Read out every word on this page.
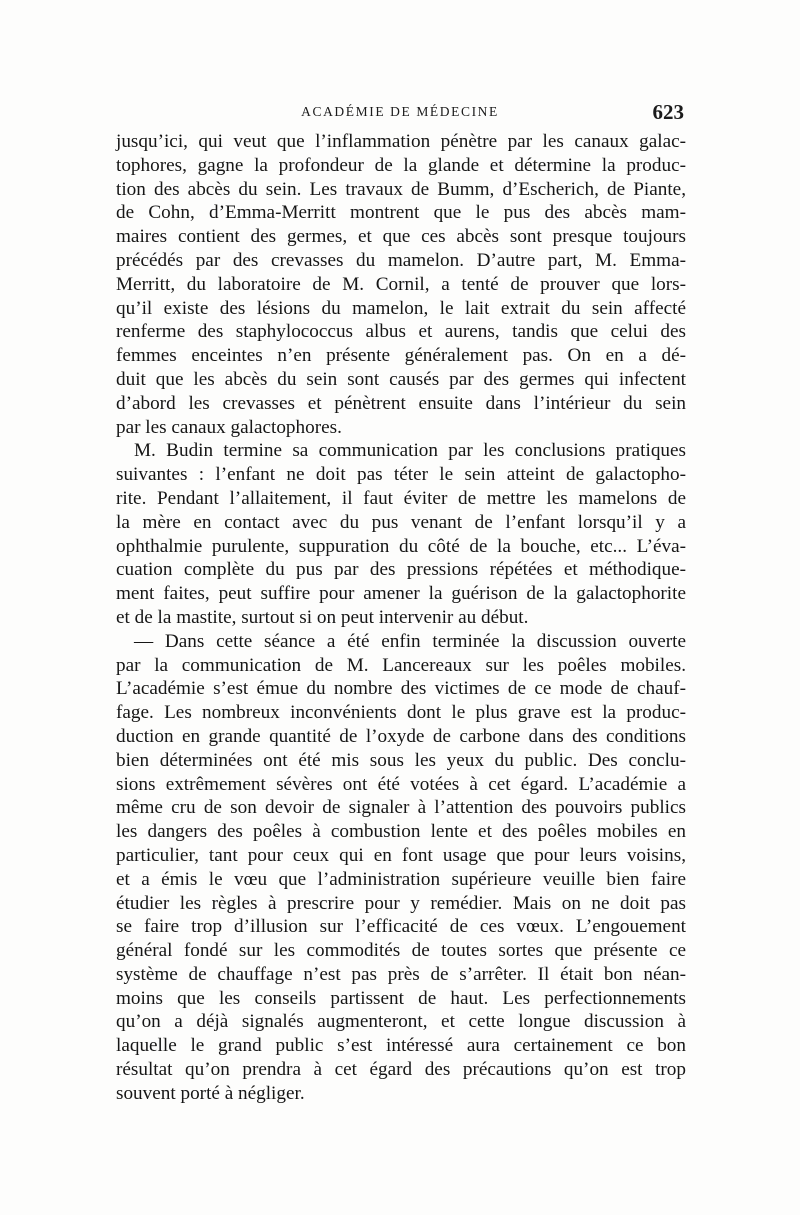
ACADÉMIE DE MÉDECINE	623
jusqu’ici, qui veut que l’inflammation pénètre par les canaux galac-
tophores, gagne la profondeur de la glande et détermine la produc-
tion des abcès du sein. Les travaux de Bumm, d’Escherich, de Piante,
de Cohn, d’Emma-Merritt montrent que le pus des abcès mam-
maires contient des germes, et que ces abcès sont presque toujours
précédés par des crevasses du mamelon. D’autre part, M. Emma-
Merritt, du laboratoire de M. Cornil, a tenté de prouver que lors-
qu’il existe des lésions du mamelon, le lait extrait du sein affecté
renferme des staphylococcus albus et aurens, tandis que celui des
femmes enceintes n’en présente généralement pas. On en a dé-
duit que les abcès du sein sont causés par des germes qui infectent
d’abord les crevasses et pénètrent ensuite dans l’intérieur du sein
par les canaux galactophores.
M. Budin termine sa communication par les conclusions pratiques
suivantes : l’enfant ne doit pas téter le sein atteint de galactopho-
rite. Pendant l’allaitement, il faut éviter de mettre les mamelons de
la mère en contact avec du pus venant de l’enfant lorsqu’il y a
ophthalmie purulente, suppuration du côté de la bouche, etc... L’éva-
cuation complète du pus par des pressions répétées et méthodique-
ment faites, peut suffire pour amener la guérison de la galactophorite
et de la mastite, surtout si on peut intervenir au début.
— Dans cette séance a été enfin terminée la discussion ouverte
par la communication de M. Lancereaux sur les poêles mobiles.
L’académie s’est émue du nombre des victimes de ce mode de chauf-
fage. Les nombreux inconvénients dont le plus grave est la produc-
duction en grande quantité de l’oxyde de carbone dans des conditions
bien déterminées ont été mis sous les yeux du public. Des conclu-
sions extrêmement sévères ont été votées à cet égard. L’académie a
même cru de son devoir de signaler à l’attention des pouvoirs publics
les dangers des poêles à combustion lente et des poêles mobiles en
particulier, tant pour ceux qui en font usage que pour leurs voisins,
et a émis le vœu que l’administration supérieure veuille bien faire
étudier les règles à prescrire pour y remédier. Mais on ne doit pas
se faire trop d’illusion sur l’efficacité de ces vœux. L’engouement
général fondé sur les commodités de toutes sortes que présente ce
système de chauffage n’est pas près de s’arrêter. Il était bon néan-
moins que les conseils partissent de haut. Les perfectionnements
qu’on a déjà signalés augmenteront, et cette longue discussion à
laquelle le grand public s’est intéressé aura certainement ce bon
résultat qu’on prendra à cet égard des précautions qu’on est trop
souvent porté à négliger.
